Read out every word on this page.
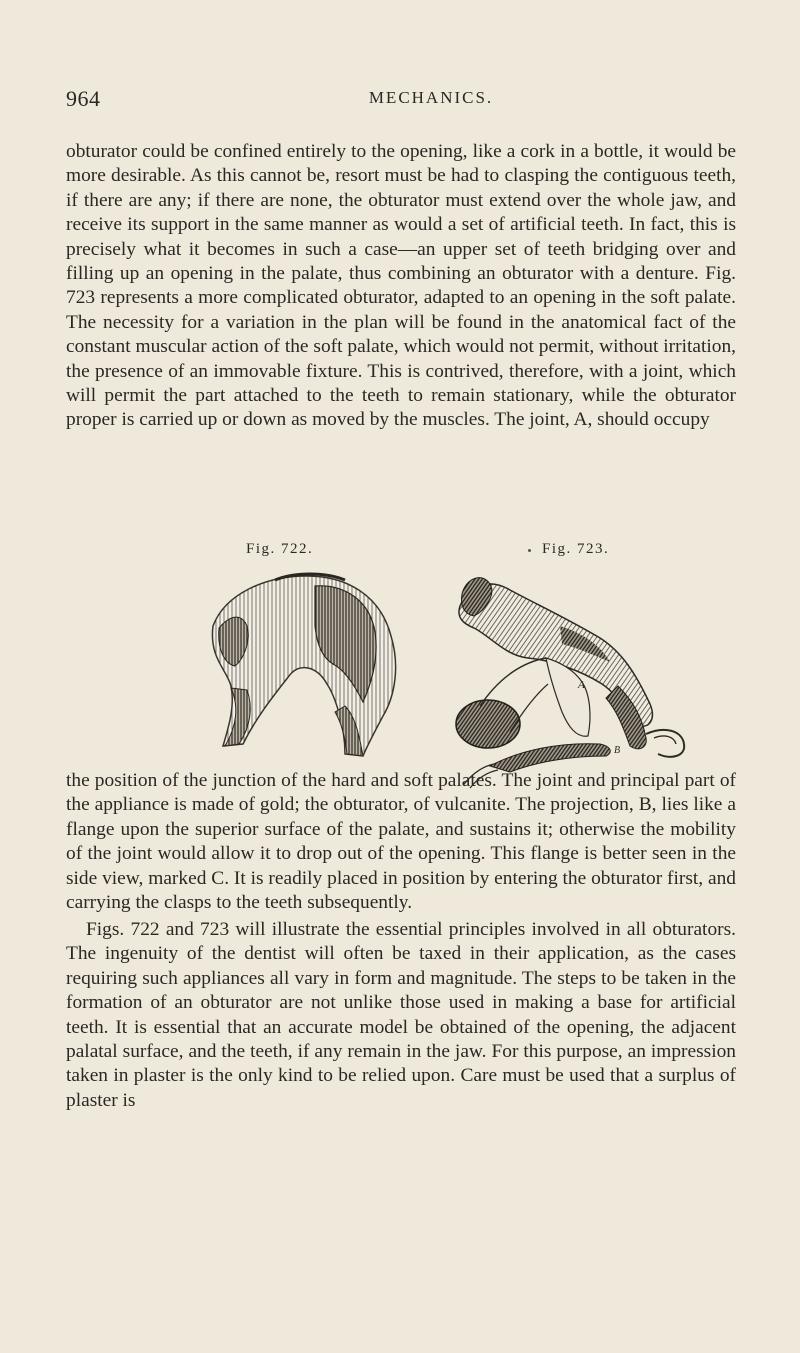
964	MECHANICS.

obturator could be confined entirely to the opening, like a cork in a bottle, it would be more desirable. As this cannot be, resort must be had to clasping the contiguous teeth, if there are any; if there are none, the obturator must extend over the whole jaw, and receive its support in the same manner as would a set of artificial teeth. In fact, this is precisely what it becomes in such a case—an upper set of teeth bridging over and filling up an opening in the palate, thus combining an obturator with a denture. Fig. 723 represents a more complicated obturator, adapted to an opening in the soft palate. The necessity for a variation in the plan will be found in the anatomical fact of the constant muscular action of the soft palate, which would not permit, without irritation, the presence of an immovable fixture. This is contrived, therefore, with a joint, which will permit the part attached to the teeth to remain stationary, while the obturator proper is carried up or down as moved by the muscles. The joint, A, should occupy

Fig. 722.	Fig. 723.
A
B

the position of the junction of the hard and soft palates. The joint and principal part of the appliance is made of gold; the obturator, of vulcanite. The projection, B, lies like a flange upon the superior surface of the palate, and sustains it; otherwise the mobility of the joint would allow it to drop out of the opening. This flange is better seen in the side view, marked C. It is readily placed in position by entering the obturator first, and carrying the clasps to the teeth subsequently.

Figs. 722 and 723 will illustrate the essential principles involved in all obturators. The ingenuity of the dentist will often be taxed in their application, as the cases requiring such appliances all vary in form and magnitude. The steps to be taken in the formation of an obturator are not unlike those used in making a base for artificial teeth. It is essential that an accurate model be obtained of the opening, the adjacent palatal surface, and the teeth, if any remain in the jaw. For this purpose, an impression taken in plaster is the only kind to be relied upon. Care must be used that a surplus of plaster is
